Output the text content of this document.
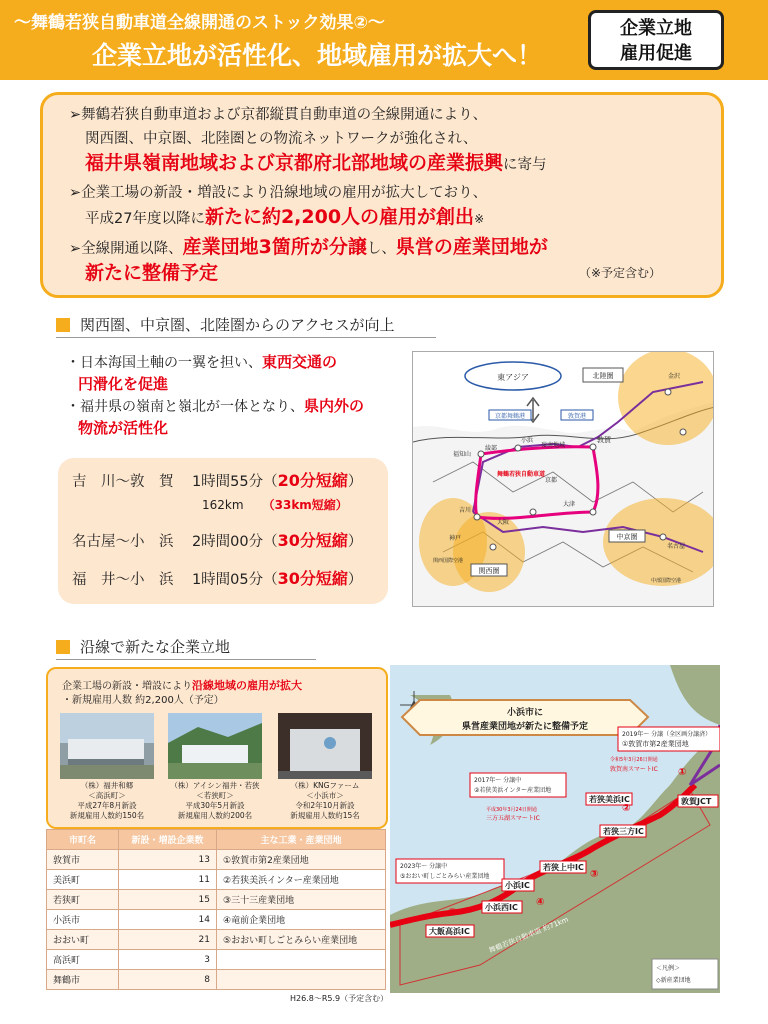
～舞鶴若狭自動車道全線開通のストック効果②～
企業立地が活性化、地域雇用が拡大へ！
企業立地
雇用促進
➢舞鶴若狭自動車道および京都縦貫自動車道の全線開通により、
関西圏、中京圏、北陸圏との物流ネットワークが強化され、
福井県嶺南地域および京都府北部地域の産業振興に寄与
➢企業工場の新設・増設により沿線地域の雇用が拡大しており、
平成27年度以降に新たに約2,200人の雇用が創出※
➢全線開通以降、産業団地3箇所が分譲し、県営の産業団地が
新たに整備予定	（※予定含む）
関西圏、中京圏、北陸圏からのアクセスが向上

・日本海国土軸の一翼を担い、東西交通の
円滑化を促進

・福井県の嶺南と嶺北が一体となり、県内外の
物流が活性化

吉　川～敦　賀 1時間55分（20分短縮）
162km （33km短縮）
名古屋～小　浜 2時間00分（30分短縮）
福　井～小　浜 1時間05分（30分短縮）
東アジア
京都舞鶴港	敦賀港
北陸圏	金沢
嶺南地域
敦賀
小浜
綾部
福知山
京都
大津
吉川
神戸
大阪
関西圏
中京圏
名古屋
舞鶴若狭自動車道
関西国際空港
中部国際空港
沿線で新たな企業立地
企業工場の新設・増設により沿線地域の雇用が拡大
・新規雇用人数 約2,200人（予定）
（株）福井和郷
＜高浜町＞
平成27年8月新設
新規雇用人数約150名
（株）アイシン福井・若狭
＜若狭町＞
平成30年5月新設
新規雇用人数約200名
（株）KNGファーム
＜小浜市＞
令和2年10月新設
新規雇用人数約15名
市町名	新設・増設企業数	主な工業・産業団地
敦賀市	13	①敦賀市第2産業団地
美浜町	11	②若狭美浜インター産業団地
若狭町	15	③三十三産業団地
小浜市	14	④竜前企業団地
おおい町	21	⑤おおい町しごとみらい産業団地
高浜町	3	
舞鶴市	8	
H26.8～R5.9（予定含む）
小浜市に
県営産業団地が新たに整備予定
2019年～ 分譲（全区画分譲済）
①敦賀市第2産業団地
2017年～ 分譲中
②若狭美浜インター産業団地
2023年～ 分譲中
⑤おおい町しごとみらい産業団地
平成30年3月24日開通
三方五湖スマートIC
令和5年3月26日開通
敦賀南スマートIC
敦賀JCT
若狭美浜IC
若狭三方IC
若狭上中IC
小浜IC
小浜西IC
大飯高浜IC	舞鶴若狭自動車道 約71km
①
②
③
④
⑤
＜凡例＞
◇新産業団地
